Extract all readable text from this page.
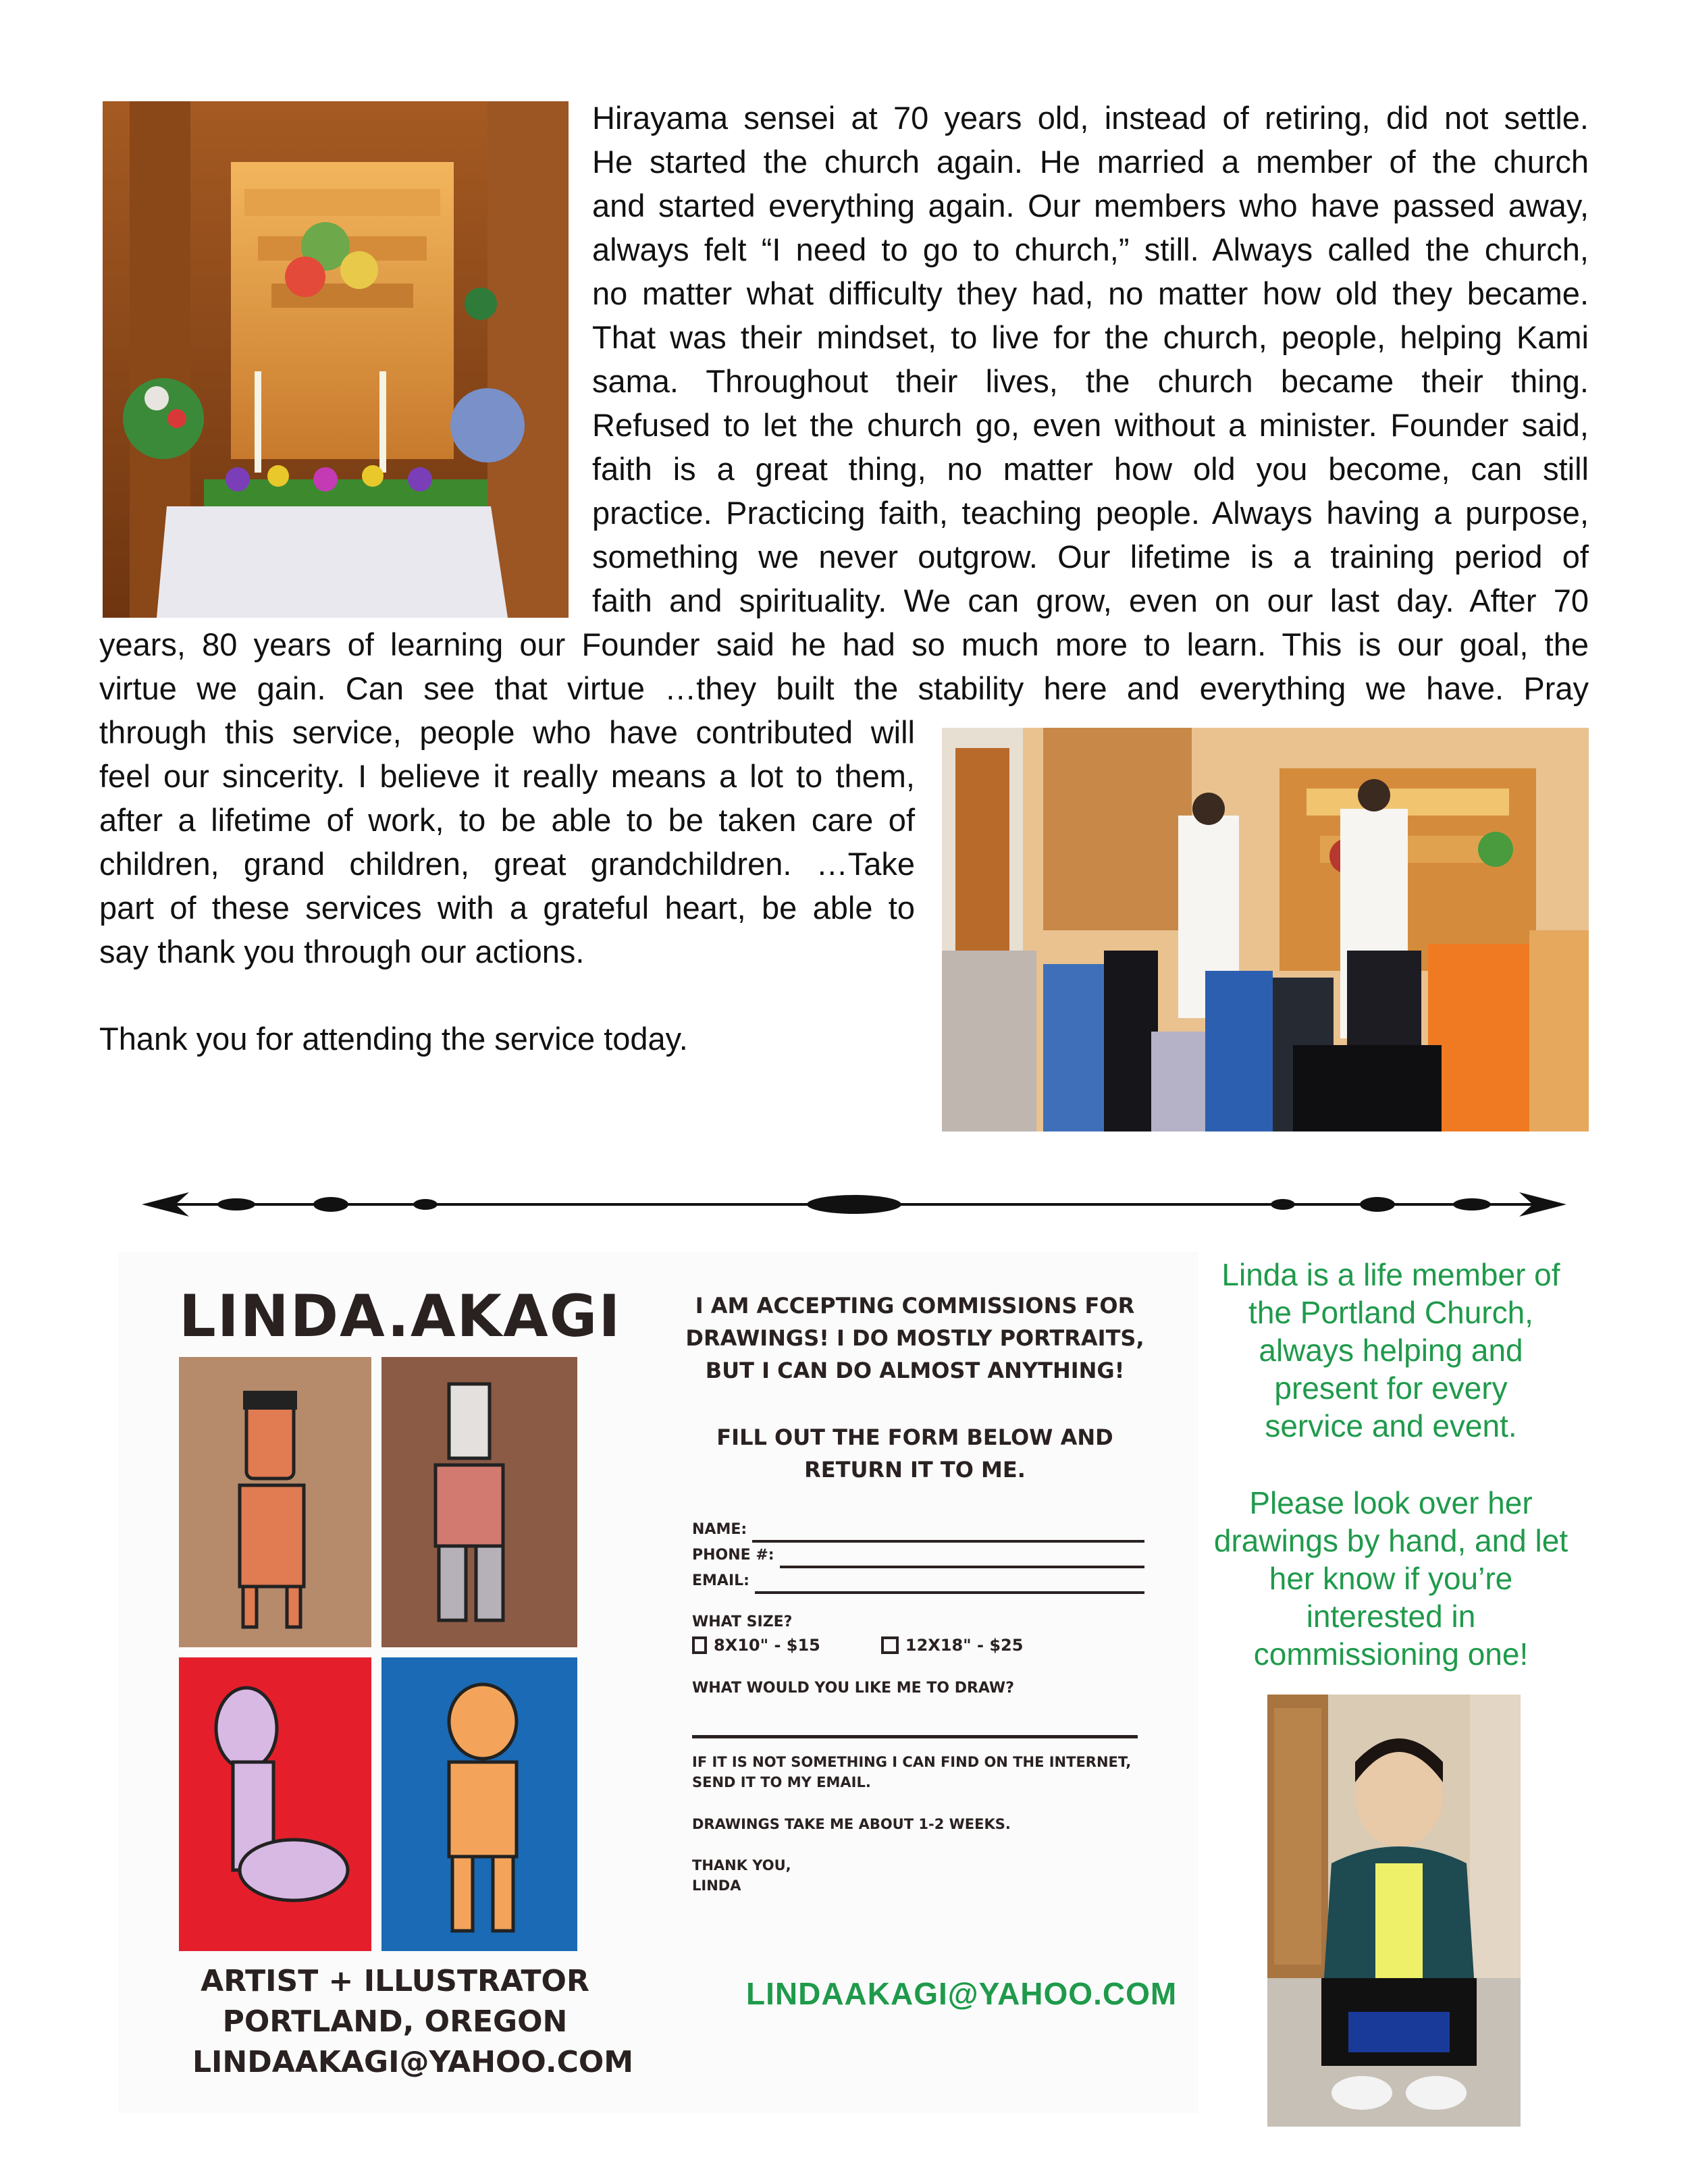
Hirayama sensei at 70 years old, instead of retiring, did not settle.
He started the church again. He married a member of the church
and started everything again. Our members who have passed away,
always felt “I need to go to church,” still. Always called the church,
no matter what difficulty they had, no matter how old they became.
That was their mindset, to live for the church, people, helping Kami
sama. Throughout their lives, the church became their thing.
Refused to let the church go, even without a minister. Founder said,
faith is a great thing, no matter how old you become, can still
practice. Practicing faith, teaching people. Always having a purpose,
something we never outgrow. Our lifetime is a training period of
faith and spirituality. We can grow, even on our last day. After 70
years, 80 years of learning our Founder said he had so much more to learn. This is our goal, the
virtue we gain. Can see that virtue …they built the stability here and everything we have. Pray
through this service, people who have contributed will
feel our sincerity. I believe it really means a lot to them,
after a lifetime of work, to be able to be taken care of
children, grand children, great grandchildren. …Take
part of these services with a grateful heart, be able to
say thank you through our actions.
Thank you for attending the service today.
LINDA.AKAGI
ARTIST + ILLUSTRATOR
PORTLAND, OREGON
LINDAAKAGI@YAHOO.COM
I AM ACCEPTING COMMISSIONS FOR
DRAWINGS! I DO MOSTLY PORTRAITS,
BUT I CAN DO ALMOST ANYTHING!
FILL OUT THE FORM BELOW AND
RETURN IT TO ME.
NAME:
PHONE #:
EMAIL:
WHAT SIZE?
8X10" - $15	12X18" - $25
WHAT WOULD YOU LIKE ME TO DRAW?
IF IT IS NOT SOMETHING I CAN FIND ON THE INTERNET,
SEND IT TO MY EMAIL.
DRAWINGS TAKE ME ABOUT 1-2 WEEKS.
THANK YOU,
LINDA
LINDAAKAGI@YAHOO.COM
Linda is a life member of
the Portland Church,
always helping and
present for every
service and event.
Please look over her
drawings by hand, and let
her know if you’re
interested in
commissioning one!
